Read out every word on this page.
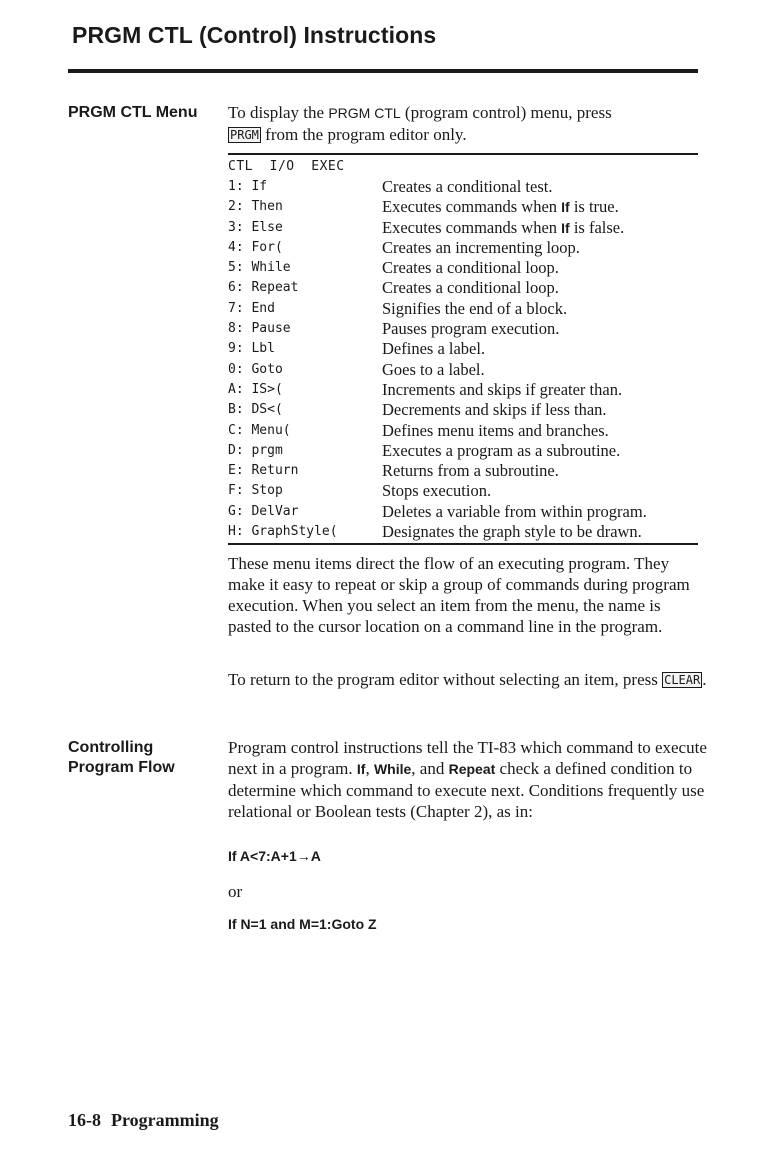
PRGM CTL (Control) Instructions
PRGM CTL Menu To display the PRGM CTL (program control) menu, press
PRGM from the program editor only.

CTL  I/O  EXEC
1: If	Creates a conditional test.
2: Then	Executes commands when If is true.
3: Else	Executes commands when If is false.
4: For(	Creates an incrementing loop.
5: While	Creates a conditional loop.
6: Repeat	Creates a conditional loop.
7: End	Signifies the end of a block.
8: Pause	Pauses program execution.
9: Lbl	Defines a label.
0: Goto	Goes to a label.
A: IS>(	Increments and skips if greater than.
B: DS<(	Decrements and skips if less than.
C: Menu(	Defines menu items and branches.
D: prgm	Executes a program as a subroutine.
E: Return	Returns from a subroutine.
F: Stop	Stops execution.
G: DelVar	Deletes a variable from within program.
H: GraphStyle(	Designates the graph style to be drawn.

These menu items direct the flow of an executing program. They make it easy to repeat or skip a group of commands during program execution. When you select an item from the menu, the name is pasted to the cursor location on a command line in the program.

To return to the program editor without selecting an item, press CLEAR .

Controlling
Program Flow

Program control instructions tell the TI-83 which command to execute next in a program. If, While, and Repeat check a defined condition to determine which command to execute next. Conditions frequently use relational or Boolean tests (Chapter 2), as in:

If A<7:A+1→A
or
If N=1 and M=1:Goto Z
16-8 Programming
